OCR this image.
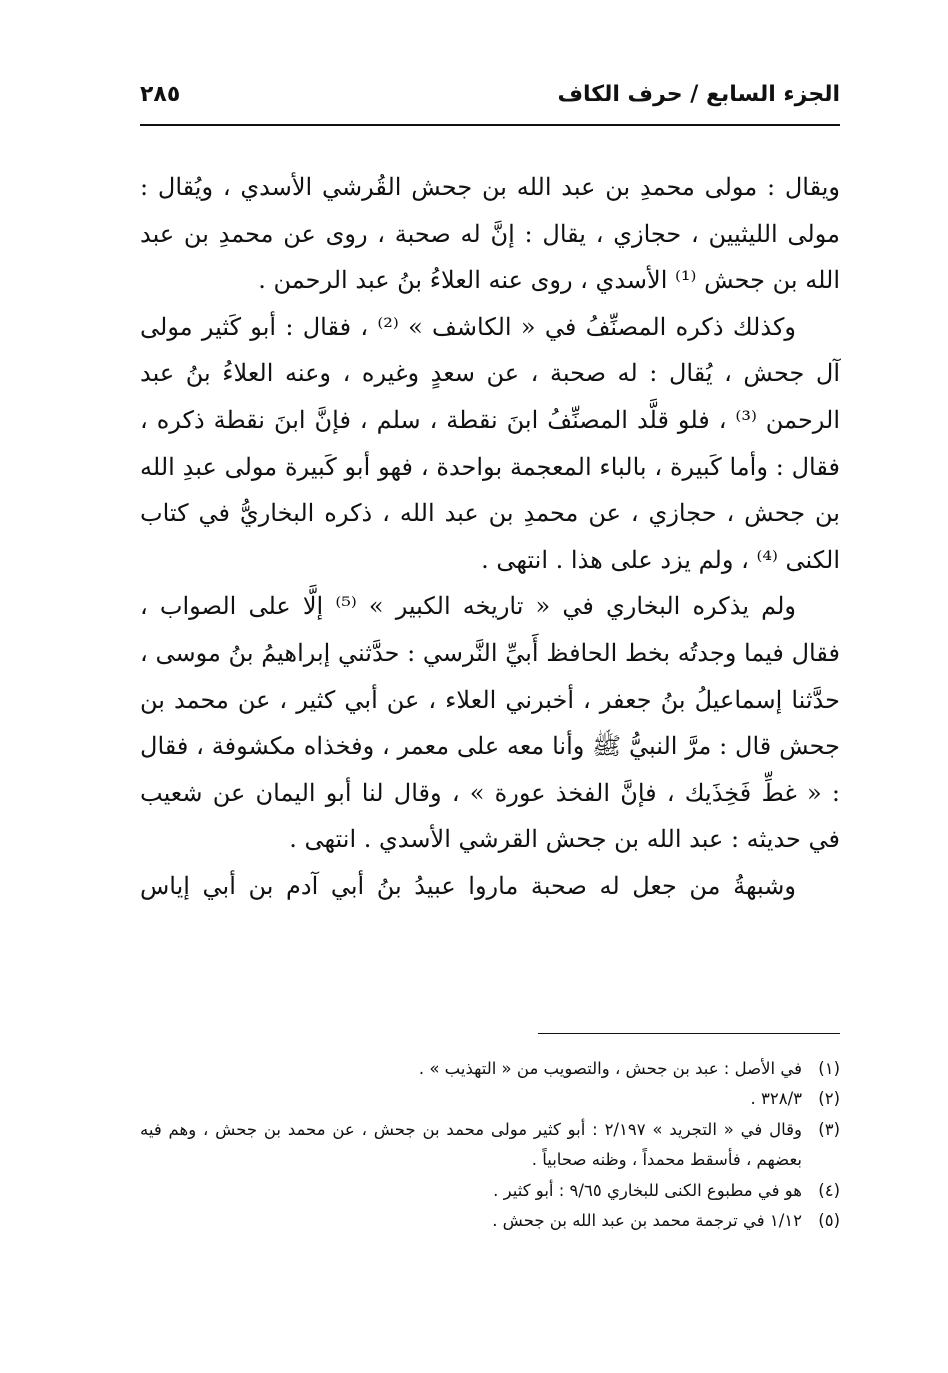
الجزء السابع / حرف الكاف
٢٨٥

ويقال : مولى محمدِ بن عبد الله بن جحش القُرشي الأسدي ، ويُقال : مولى الليثيين ، حجازي ، يقال : إنَّ له صحبة ، روى عن محمدِ بن عبد الله بن جحش ⁽¹⁾ الأسدي ، روى عنه العلاءُ بنُ عبد الرحمن .

وكذلك ذكره المصنِّفُ في « الكاشف » ⁽²⁾ ، فقال : أبو كَثير مولى آل جحش ، يُقال : له صحبة ، عن سعدٍ وغيره ، وعنه العلاءُ بنُ عبد الرحمن ⁽³⁾ ، فلو قلَّد المصنِّفُ ابنَ نقطة ، سلم ، فإنَّ ابنَ نقطة ذكره ، فقال : وأما كَبيرة ، بالباء المعجمة بواحدة ، فهو أبو كَبيرة مولى عبدِ الله بن جحش ، حجازي ، عن محمدِ بن عبد الله ، ذكره البخاريُّ في كتاب الكنى ⁽⁴⁾ ، ولم يزد على هذا . انتهى .

ولم يذكره البخاري في « تاريخه الكبير » ⁽⁵⁾ إلَّا على الصواب ، فقال فيما وجدتُه بخط الحافظ أَبيِّ النَّرسي : حدَّثني إبراهيمُ بنُ موسى ، حدَّثنا إسماعيلُ بنُ جعفر ، أخبرني العلاء ، عن أبي كثير ، عن محمد بن جحش قال : مرَّ النبيُّ ﷺ وأنا معه على معمر ، وفخذاه مكشوفة ، فقال : « غطِّ فَخِذَيك ، فإنَّ الفخذ عورة » ، وقال لنا أبو اليمان عن شعيب في حديثه : عبد الله بن جحش القرشي الأسدي . انتهى .

وشبهةُ من جعل له صحبة ماروا عبيدُ بنُ أبي آدم بن أبي إياس

(١)
في الأصل : عبد بن جحش ، والتصويب من « التهذيب » .
(٢)
٣٢٨/٣ .
(٣)
وقال في « التجريد » ٢/١٩٧ : أبو كثير مولى محمد بن جحش ، عن محمد بن جحش ، وهم فيه بعضهم ، فأسقط محمداً ، وظنه صحابياً .
(٤)
هو في مطبوع الكنى للبخاري ٩/٦٥ : أبو كثير .
(٥)
١/١٢ في ترجمة محمد بن عبد الله بن جحش .
